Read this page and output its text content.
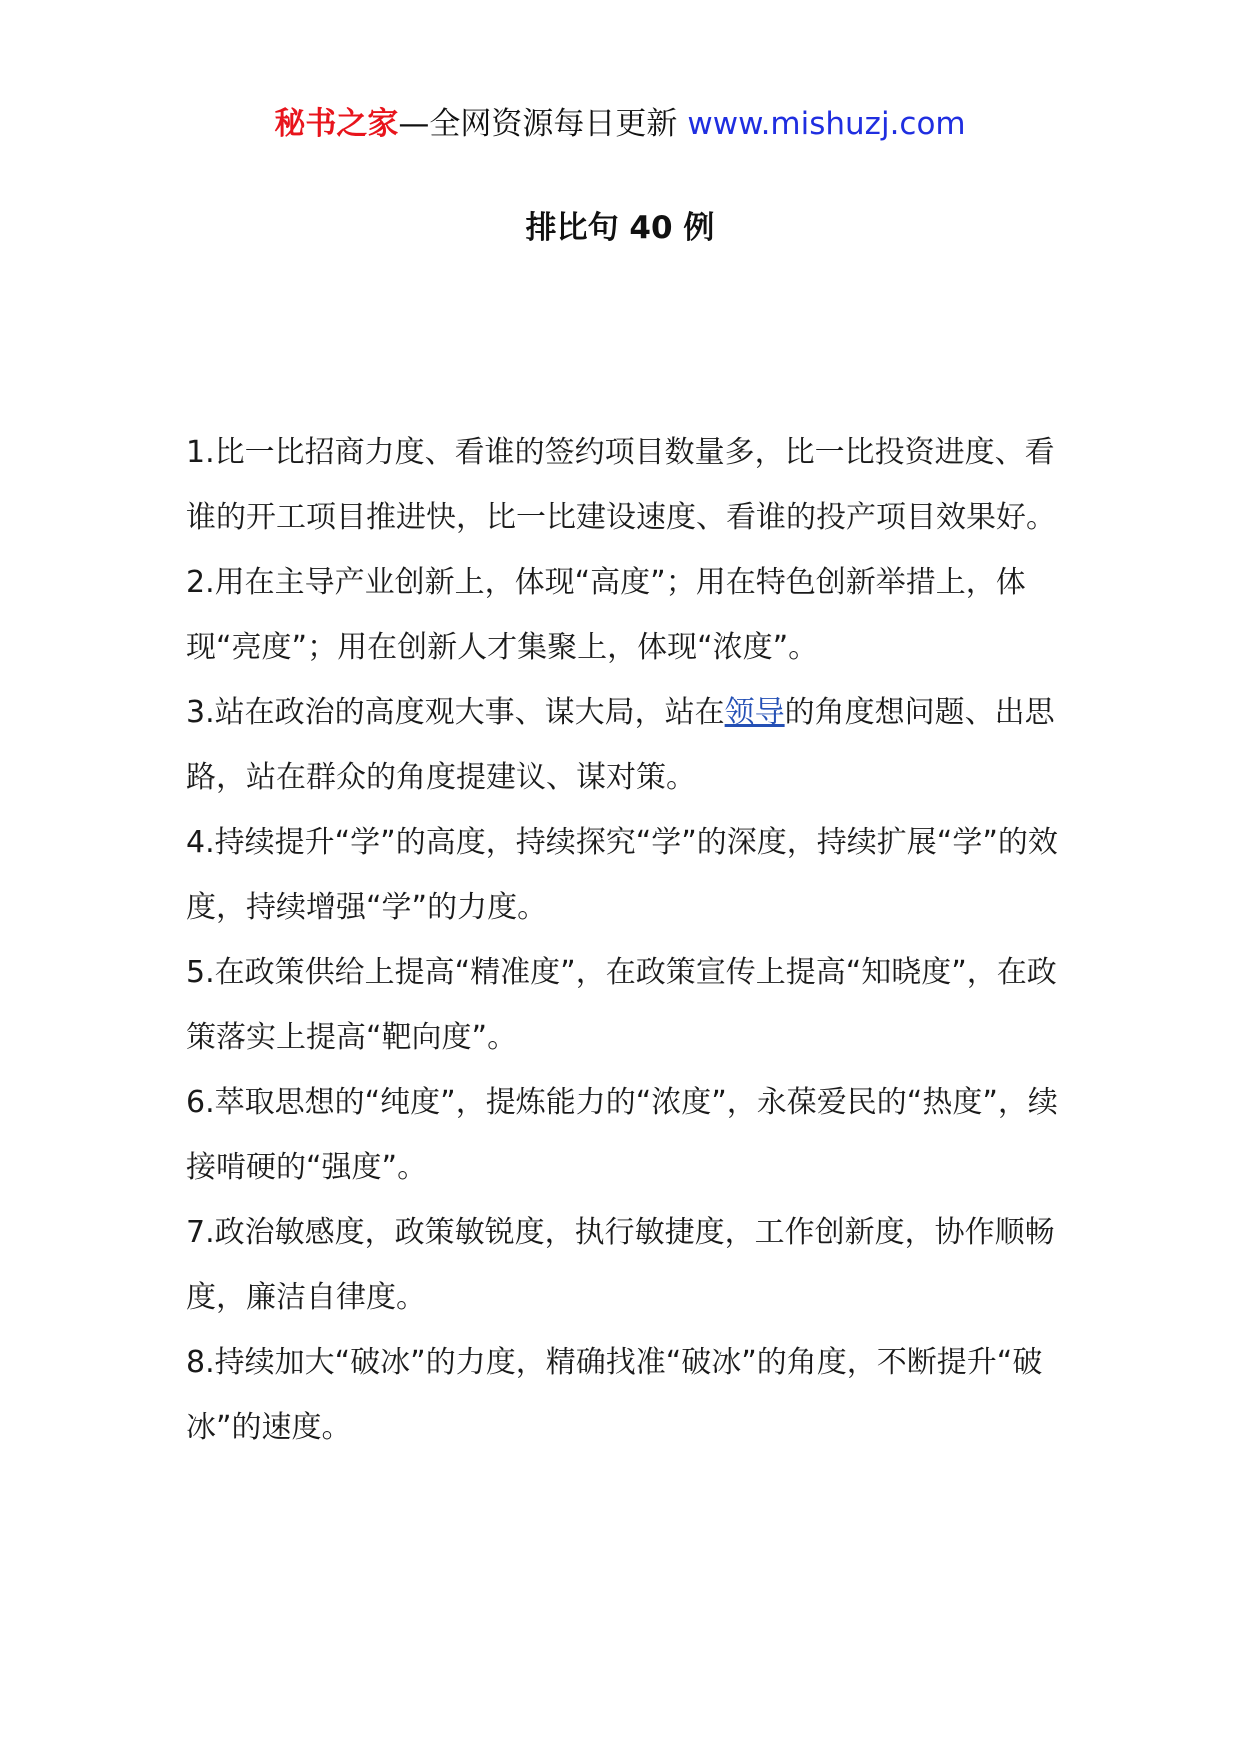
秘书之家—全网资源每日更新 www.mishuzj.com
排比句 40 例

1.比一比招商力度、看谁的签约项目数量多，比一比投资进度、看谁的开工项目推进快，比一比建设速度、看谁的投产项目效果好。

2.用在主导产业创新上，体现“高度”；用在特色创新举措上，体现“亮度”；用在创新人才集聚上，体现“浓度”。

3.站在政治的高度观大事、谋大局，站在领导的角度想问题、出思路，站在群众的角度提建议、谋对策。

4.持续提升“学”的高度，持续探究“学”的深度，持续扩展“学”的效度，持续增强“学”的力度。

5.在政策供给上提高“精准度”，在政策宣传上提高“知晓度”，在政策落实上提高“靶向度”。

6.萃取思想的“纯度”，提炼能力的“浓度”，永葆爱民的“热度”，续接啃硬的“强度”。

7.政治敏感度，政策敏锐度，执行敏捷度，工作创新度，协作顺畅度，廉洁自律度。

8.持续加大“破冰”的力度，精确找准“破冰”的角度，不断提升“破冰”的速度。
